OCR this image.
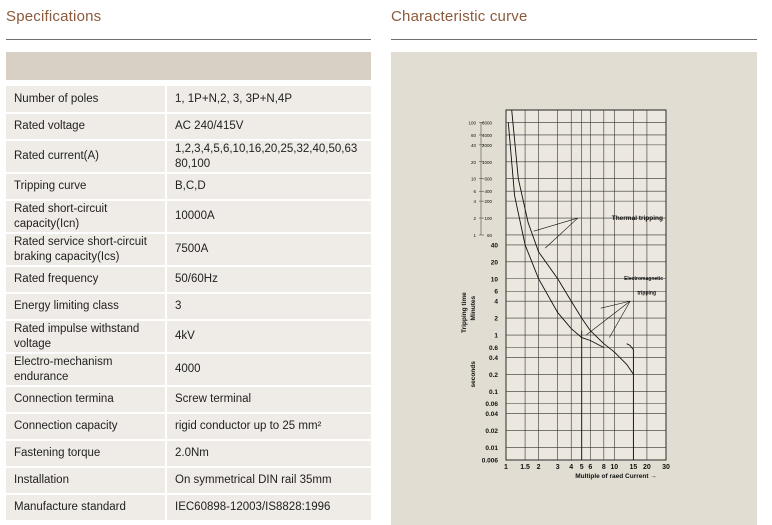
Specifications	Characteristic curve
Number of poles	1, 1P+N,2, 3, 3P+N,4P
Rated voltage	AC 240/415V
Rated current(A)	1,2,3,4,5,6,10,16,20,25,32,40,50,63 80,100
Tripping curve	B,C,D
Rated short-circuit capacity(Icn)	10000A
Rated service short-circuit braking capacity(Ics)	7500A
Rated frequency	50/60Hz
Energy limiting class	3
Rated impulse withstand voltage	4kV
Electro-mechanism endurance	4000
Connection termina	Screw terminal
Connection capacity	rigid conductor up to 25 mm²
Fastening torque	2.0Nm
Installation	On symmetrical DIN rail 35mm
Manufacture standard	IEC60898-12003/IS8828:1996
1 1.5 2 3 4 5 6 8 10 15 20 30
Multiple of raed Current →
40
20
10
6
4
2
1
0.6
0.4
0.2
0.1
0.06
0.04
0.02
0.01
0.006
100
60
40
20
10
6
4
2
1
6000
4000
2000
1000
600
400
200
100
60
Tripping time Minutes
seconds
Thermal tripping
Electromagnetic
tripping
